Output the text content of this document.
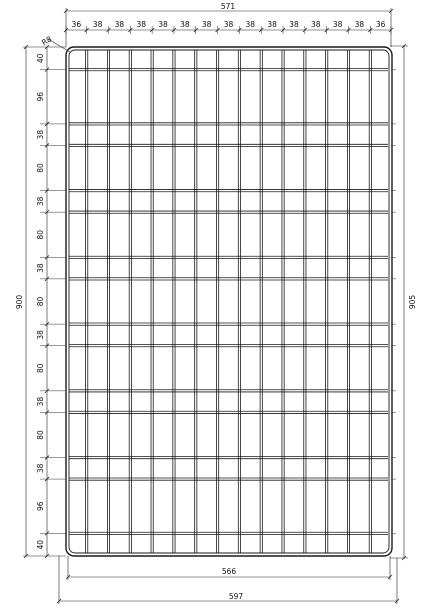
571
R8
900	905
566
597
36 38 38 38 38 38 38 38 38 38 38 38 38 38 36
40
96
38
80
38
80
38
80
38
80
38
80
38
96
40
